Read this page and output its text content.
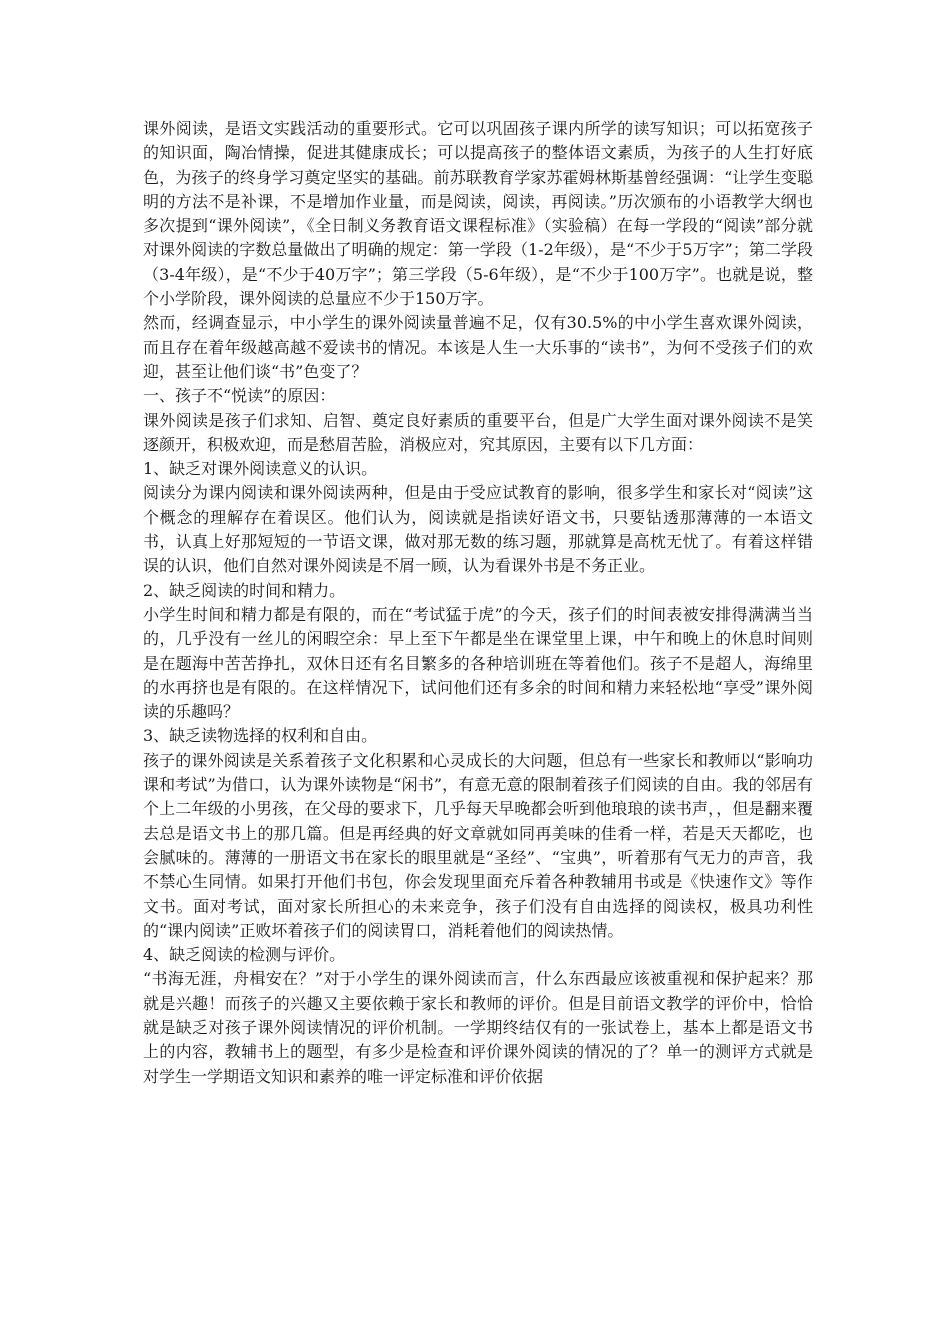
课外阅读，是语文实践活动的重要形式。它可以巩固孩子课内所学的读写知识；可以拓宽孩子的知识面，陶冶情操，促进其健康成长；可以提高孩子的整体语文素质，为孩子的人生打好底色，为孩子的终身学习奠定坚实的基础。前苏联教育学家苏霍姆林斯基曾经强调：“让学生变聪明的方法不是补课，不是增加作业量，而是阅读，阅读，再阅读。”历次颁布的小语教学大纲也多次提到“课外阅读”，《全日制义务教育语文课程标准》（实验稿）在每一学段的“阅读”部分就对课外阅读的字数总量做出了明确的规定：第一学段（1-2年级），是“不少于5万字”；第二学段（3-4年级），是“不少于40万字”；第三学段（5-6年级），是“不少于100万字”。也就是说，整个小学阶段，课外阅读的总量应不少于150万字。

然而，经调查显示，中小学生的课外阅读量普遍不足，仅有30.5%的中小学生喜欢课外阅读，而且存在着年级越高越不爱读书的情况。本该是人生一大乐事的“读书”，为何不受孩子们的欢迎，甚至让他们谈“书”色变了？

一、孩子不“悦读”的原因：

课外阅读是孩子们求知、启智、奠定良好素质的重要平台，但是广大学生面对课外阅读不是笑逐颜开，积极欢迎，而是愁眉苦脸，消极应对，究其原因，主要有以下几方面：

1、缺乏对课外阅读意义的认识。

阅读分为课内阅读和课外阅读两种，但是由于受应试教育的影响，很多学生和家长对“阅读”这个概念的理解存在着误区。他们认为，阅读就是指读好语文书，只要钻透那薄薄的一本语文书，认真上好那短短的一节语文课，做对那无数的练习题，那就算是高枕无忧了。有着这样错误的认识，他们自然对课外阅读是不屑一顾，认为看课外书是不务正业。

2、缺乏阅读的时间和精力。

小学生时间和精力都是有限的，而在“考试猛于虎”的今天，孩子们的时间表被安排得满满当当的，几乎没有一丝儿的闲暇空余：早上至下午都是坐在课堂里上课，中午和晚上的休息时间则是在题海中苦苦挣扎，双休日还有名目繁多的各种培训班在等着他们。孩子不是超人，海绵里的水再挤也是有限的。在这样情况下，试问他们还有多余的时间和精力来轻松地“享受”课外阅读的乐趣吗？

3、缺乏读物选择的权利和自由。

孩子的课外阅读是关系着孩子文化积累和心灵成长的大问题，但总有一些家长和教师以“影响功课和考试”为借口，认为课外读物是“闲书”，有意无意的限制着孩子们阅读的自由。我的邻居有个上二年级的小男孩，在父母的要求下，几乎每天早晚都会听到他琅琅的读书声，，但是翻来覆去总是语文书上的那几篇。但是再经典的好文章就如同再美味的佳肴一样，若是天天都吃，也会腻味的。薄薄的一册语文书在家长的眼里就是“圣经”、“宝典”，听着那有气无力的声音，我不禁心生同情。如果打开他们书包，你会发现里面充斥着各种教辅用书或是《快速作文》等作文书。面对考试，面对家长所担心的未来竞争，孩子们没有自由选择的阅读权，极具功利性的“课内阅读”正败坏着孩子们的阅读胃口，消耗着他们的阅读热情。

4、缺乏阅读的检测与评价。

“书海无涯，舟楫安在？”对于小学生的课外阅读而言，什么东西最应该被重视和保护起来？那就是兴趣！而孩子的兴趣又主要依赖于家长和教师的评价。但是目前语文教学的评价中，恰恰就是缺乏对孩子课外阅读情况的评价机制。一学期终结仅有的一张试卷上，基本上都是语文书上的内容，教辅书上的题型，有多少是检查和评价课外阅读的情况的了？单一的测评方式就是对学生一学期语文知识和素养的唯一评定标准和评价依据
